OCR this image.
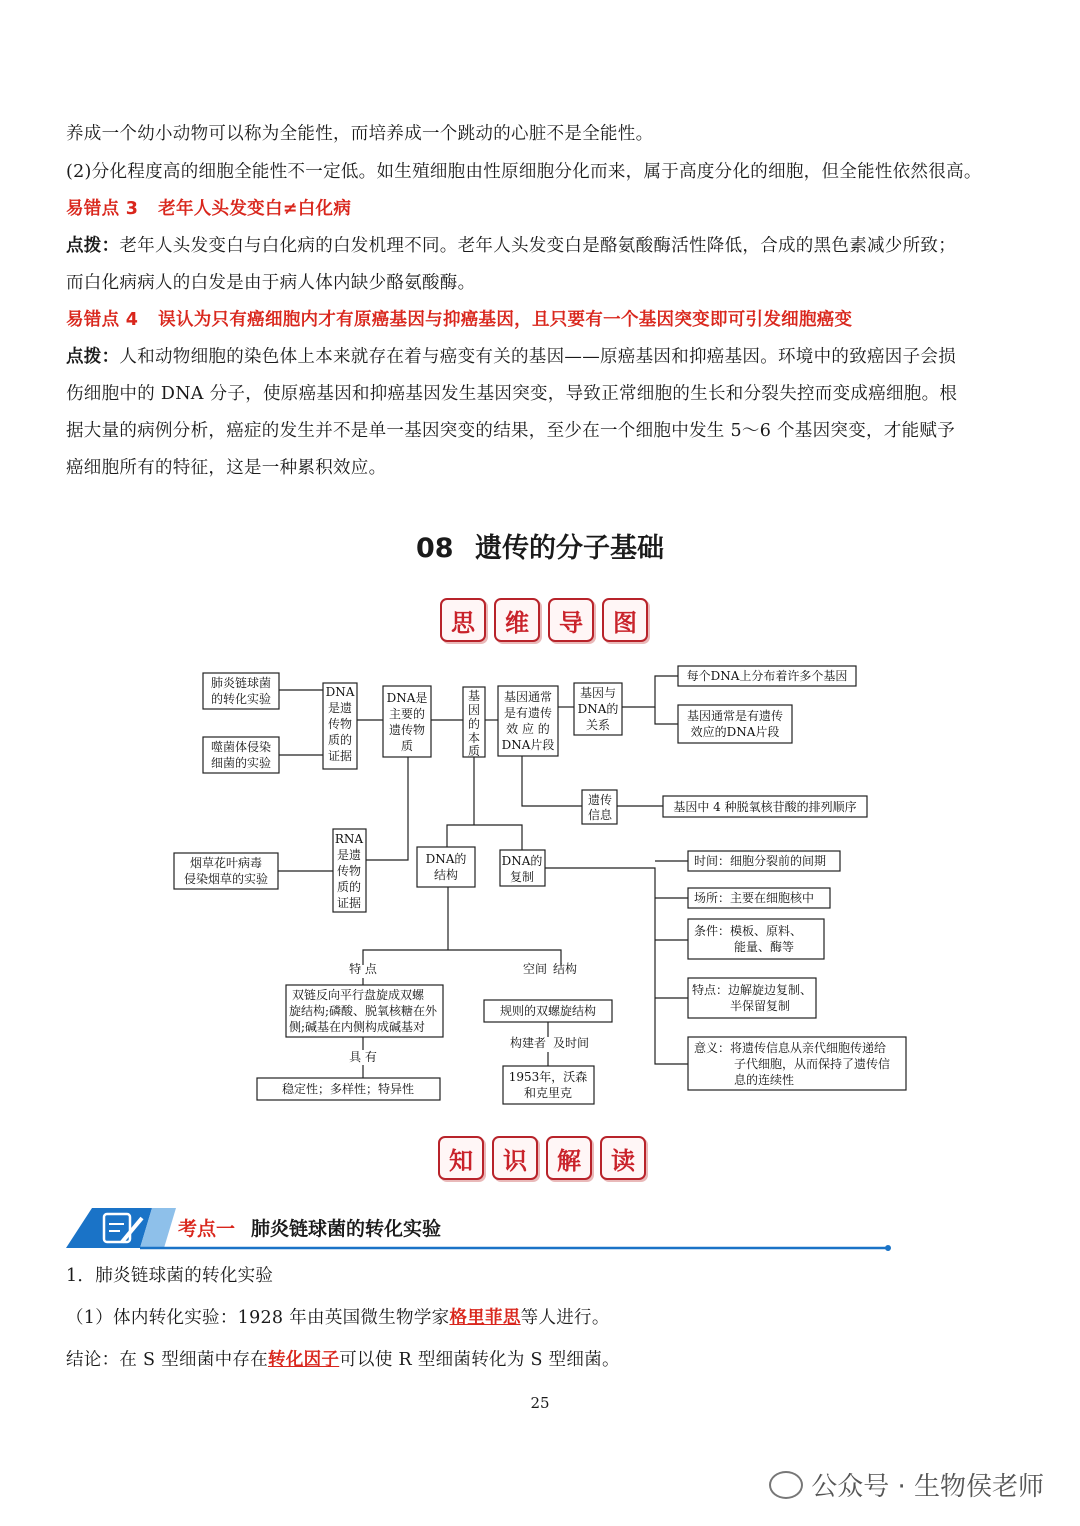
养成一个幼小动物可以称为全能性，而培养成一个跳动的心脏不是全能性。
(2)分化程度高的细胞全能性不一定低。如生殖细胞由性原细胞分化而来，属于高度分化的细胞，但全能性依然很高。
易错点 3 老年人头发变白≠白化病
点拨：老年人头发变白与白化病的白发机理不同。老年人头发变白是酪氨酸酶活性降低，合成的黑色素减少所致；
而白化病病人的白发是由于病人体内缺少酪氨酸酶。
易错点 4 误认为只有癌细胞内才有原癌基因与抑癌基因，且只要有一个基因突变即可引发细胞癌变
点拨：人和动物细胞的染色体上本来就存在着与癌变有关的基因——原癌基因和抑癌基因。环境中的致癌因子会损
伤细胞中的 DNA 分子，使原癌基因和抑癌基因发生基因突变，导致正常细胞的生长和分裂失控而变成癌细胞。根
据大量的病例分析，癌症的发生并不是单一基因突变的结果，至少在一个细胞中发生 5～6 个基因突变，才能赋予
癌细胞所有的特征，这是一种累积效应。
08 遗传的分子基础
思	维	导	图
肺炎链球菌
的转化实验
噬菌体侵染
细菌的实验
DNA
是遗
传物
质的
证据
DNA是
主要的
遗传物
质
基
因
的
本
质
基因通常
是有遗传
效 应 的
DNA片段
基因与
DNA的
关系
每个DNA上分布着许多个基因
基因通常是有遗传
效应的DNA片段
遗传
信息
基因中 4 种脱氧核苷酸的排列顺序
烟草花叶病毒
侵染烟草的实验
RNA
是遗
传物
质的
证据
DNA的
结构
DNA的
复制
时间：细胞分裂前的间期
场所：主要在细胞核中
条件：模板、原料、
能量、酶等
特点：边解旋边复制、
半保留复制
意义：将遗传信息从亲代细胞传递给
子代细胞，从而保持了遗传信
息的连续性
特 点	空间 结构
双链反向平行盘旋成双螺
旋结构;磷酸、脱氧核糖在外
侧;碱基在内侧构成碱基对
规则的双螺旋结构
构建者 及时间
具 有
稳定性；多样性；特异性
1953年，沃森
和克里克
知	识	解	读
考点一 肺炎链球菌的转化实验
1．肺炎链球菌的转化实验
（1）体内转化实验：1928 年由英国微生物学家格里菲思等人进行。
结论：在 S 型细菌中存在转化因子可以使 R 型细菌转化为 S 型细菌。
25
公众号 · 生物侯老师
